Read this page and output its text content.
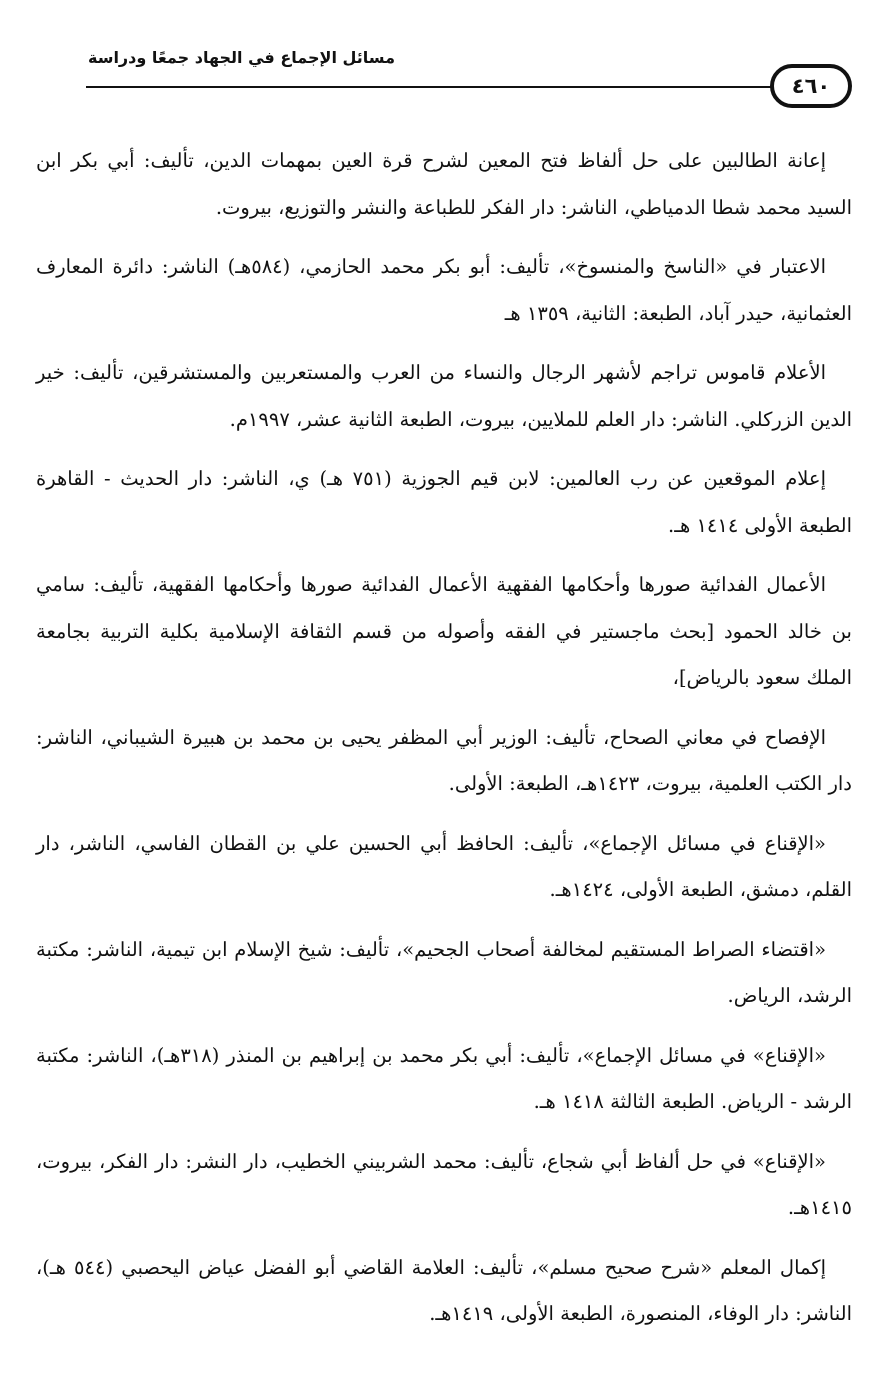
مسائل الإجماع في الجهاد جمعًا ودراسة
٤٦٠

إعانة الطالبين على حل ألفاظ فتح المعين لشرح قرة العين بمهمات الدين، تأليف: أبي بكر ابن السيد محمد شطا الدمياطي، الناشر: دار الفكر للطباعة والنشر والتوزيع، بيروت.

الاعتبار في «الناسخ والمنسوخ»، تأليف: أبو بكر محمد الحازمي، (٥٨٤هـ) الناشر: دائرة المعارف العثمانية، حيدر آباد، الطبعة: الثانية، ١٣٥٩ هـ

الأعلام قاموس تراجم لأشهر الرجال والنساء من العرب والمستعربين والمستشرقين، تأليف: خير الدين الزركلي. الناشر: دار العلم للملايين، بيروت، الطبعة الثانية عشر، ١٩٩٧م.

إعلام الموقعين عن رب العالمين: لابن قيم الجوزية (٧٥١ هـ) ي، الناشر: دار الحديث - القاهرة الطبعة الأولى ١٤١٤ هـ.

الأعمال الفدائية صورها وأحكامها الفقهية الأعمال الفدائية صورها وأحكامها الفقهية، تأليف: سامي بن خالد الحمود [بحث ماجستير في الفقه وأصوله من قسم الثقافة الإسلامية بكلية التربية بجامعة الملك سعود بالرياض]،

الإفصاح في معاني الصحاح، تأليف: الوزير أبي المظفر يحيى بن محمد بن هبيرة الشيباني، الناشر: دار الكتب العلمية، بيروت، ١٤٢٣هـ، الطبعة: الأولى.

«الإقناع في مسائل الإجماع»، تأليف: الحافظ أبي الحسين علي بن القطان الفاسي، الناشر، دار القلم، دمشق، الطبعة الأولى، ١٤٢٤هـ.

«اقتضاء الصراط المستقيم لمخالفة أصحاب الجحيم»، تأليف: شيخ الإسلام ابن تيمية، الناشر: مكتبة الرشد، الرياض.

«الإقناع» في مسائل الإجماع»، تأليف: أبي بكر محمد بن إبراهيم بن المنذر (٣١٨هـ)، الناشر: مكتبة الرشد - الرياض. الطبعة الثالثة ١٤١٨ هـ.

«الإقناع» في حل ألفاظ أبي شجاع، تأليف: محمد الشربيني الخطيب، دار النشر: دار الفكر، بيروت، ١٤١٥هـ.

إكمال المعلم «شرح صحيح مسلم»، تأليف: العلامة القاضي أبو الفضل عياض اليحصبي (٥٤٤ هـ)، الناشر: دار الوفاء، المنصورة، الطبعة الأولى، ١٤١٩هـ.
